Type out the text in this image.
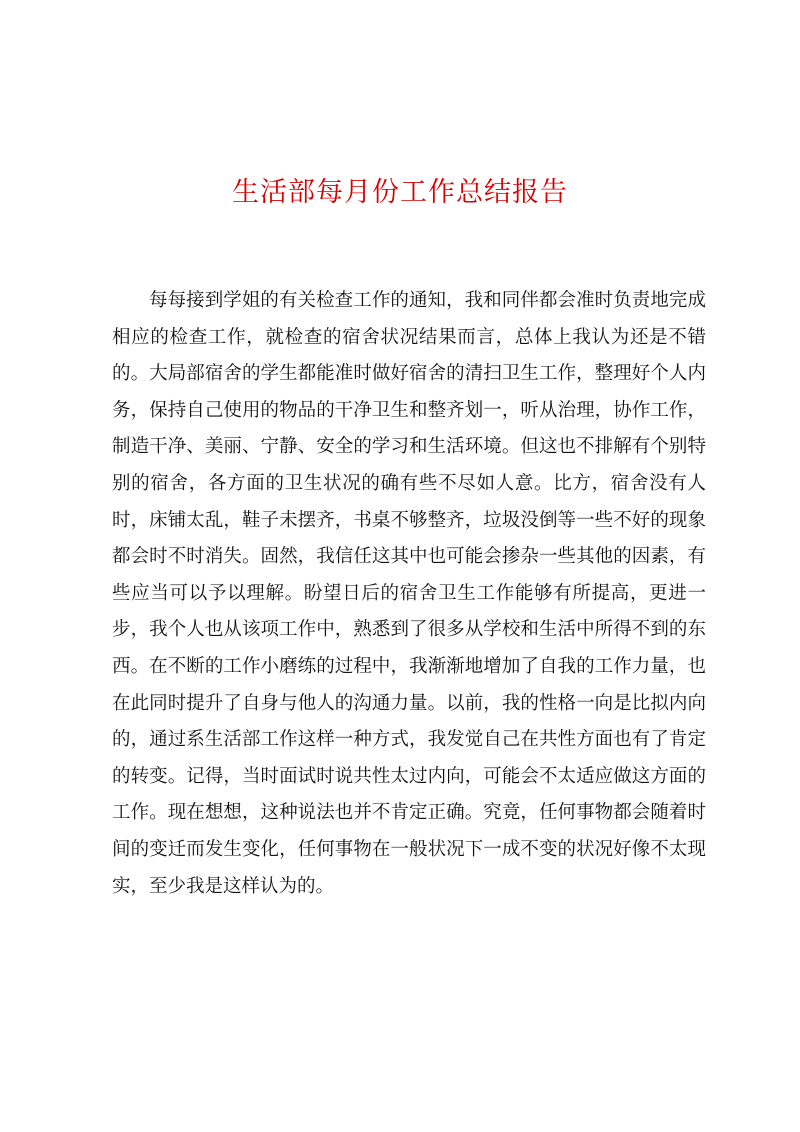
生活部每月份工作总结报告

每每接到学姐的有关检查工作的通知，我和同伴都会准时负责地完成相应的检查工作，就检查的宿舍状况结果而言，总体上我认为还是不错的。大局部宿舍的学生都能准时做好宿舍的清扫卫生工作，整理好个人内务，保持自己使用的物品的干净卫生和整齐划一，听从治理，协作工作，制造干净、美丽、宁静、安全的学习和生活环境。但这也不排解有个别特别的宿舍，各方面的卫生状况的确有些不尽如人意。比方，宿舍没有人时，床铺太乱，鞋子未摆齐，书桌不够整齐，垃圾没倒等一些不好的现象都会时不时消失。固然，我信任这其中也可能会掺杂一些其他的因素，有些应当可以予以理解。盼望日后的宿舍卫生工作能够有所提高，更进一步，我个人也从该项工作中，熟悉到了很多从学校和生活中所得不到的东西。在不断的工作小磨练的过程中，我渐渐地增加了自我的工作力量，也在此同时提升了自身与他人的沟通力量。以前，我的性格一向是比拟内向的，通过系生活部工作这样一种方式，我发觉自己在共性方面也有了肯定的转变。记得，当时面试时说共性太过内向，可能会不太适应做这方面的工作。现在想想，这种说法也并不肯定正确。究竟，任何事物都会随着时间的变迁而发生变化，任何事物在一般状况下一成不变的状况好像不太现实，至少我是这样认为的。
